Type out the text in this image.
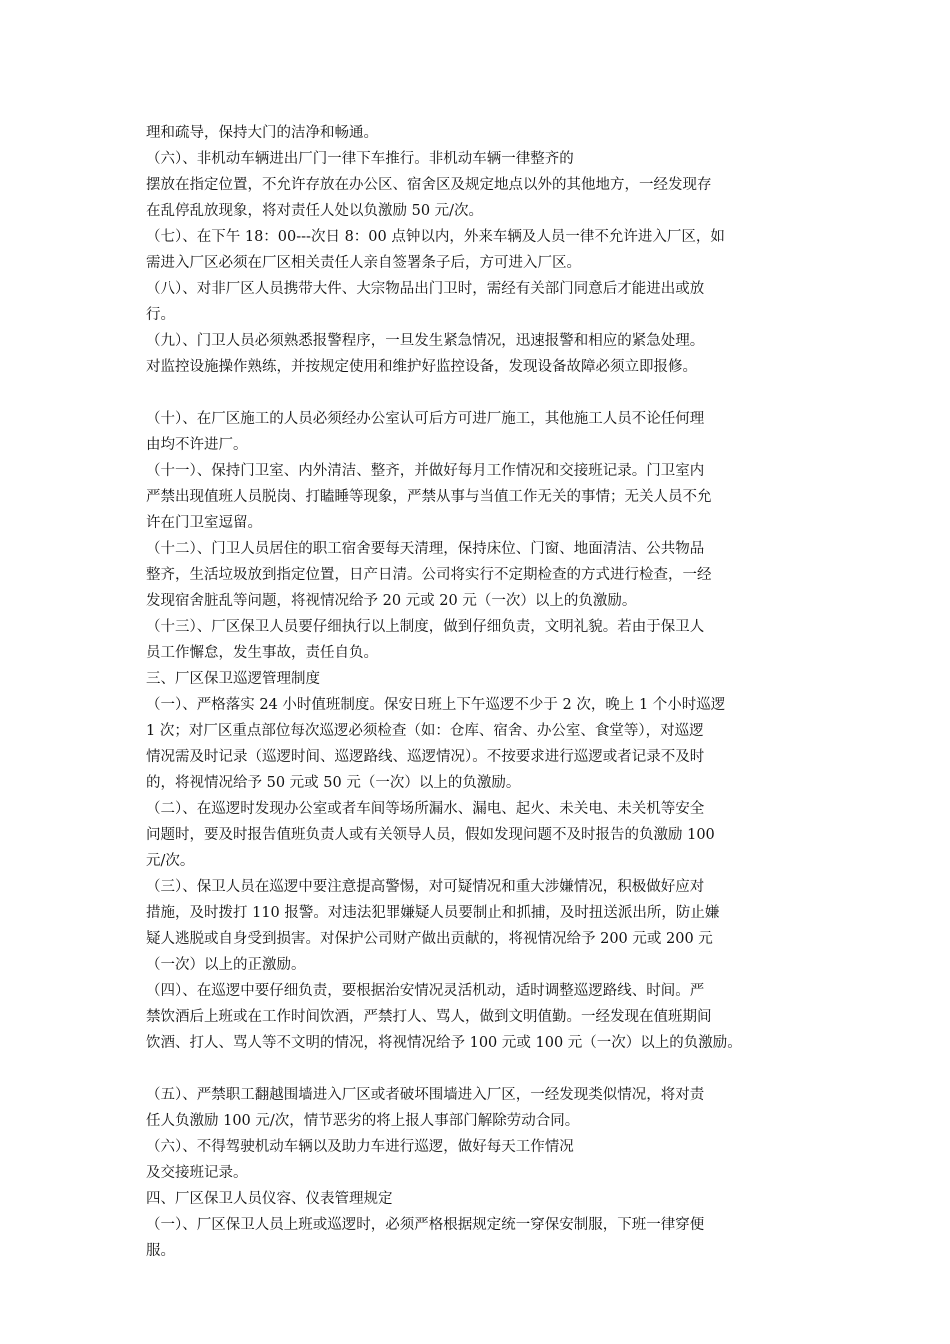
理和疏导，保持大门的洁净和畅通。
（六）、非机动车辆进出厂门一律下车推行。非机动车辆一律整齐的
摆放在指定位置，不允许存放在办公区、宿舍区及规定地点以外的其他地方，一经发现存
在乱停乱放现象，将对责任人处以负激励 50 元/次。
（七）、在下午 18：00---次日 8：00 点钟以内，外来车辆及人员一律不允许进入厂区，如
需进入厂区必须在厂区相关责任人亲自签署条子后，方可进入厂区。
（八）、对非厂区人员携带大件、大宗物品出门卫时，需经有关部门同意后才能进出或放
行。
（九）、门卫人员必须熟悉报警程序，一旦发生紧急情况，迅速报警和相应的紧急处理。
对监控设施操作熟练，并按规定使用和维护好监控设备，发现设备故障必须立即报修。
（十）、在厂区施工的人员必须经办公室认可后方可进厂施工，其他施工人员不论任何理
由均不许进厂。
（十一）、保持门卫室、内外清洁、整齐，并做好每月工作情况和交接班记录。门卫室内
严禁出现值班人员脱岗、打瞌睡等现象，严禁从事与当值工作无关的事情；无关人员不允
许在门卫室逗留。
（十二）、门卫人员居住的职工宿舍要每天清理，保持床位、门窗、地面清洁、公共物品
整齐，生活垃圾放到指定位置，日产日清。公司将实行不定期检查的方式进行检查，一经
发现宿舍脏乱等问题，将视情况给予 20 元或 20 元（一次）以上的负激励。
（十三）、厂区保卫人员要仔细执行以上制度，做到仔细负责，文明礼貌。若由于保卫人
员工作懈怠，发生事故，责任自负。
三、厂区保卫巡逻管理制度
（一）、严格落实 24 小时值班制度。保安日班上下午巡逻不少于 2 次，晚上 1 个小时巡逻
1 次；对厂区重点部位每次巡逻必须检查（如：仓库、宿舍、办公室、食堂等），对巡逻
情况需及时记录（巡逻时间、巡逻路线、巡逻情况）。不按要求进行巡逻或者记录不及时
的，将视情况给予 50 元或 50 元（一次）以上的负激励。
（二）、在巡逻时发现办公室或者车间等场所漏水、漏电、起火、未关电、未关机等安全
问题时，要及时报告值班负责人或有关领导人员，假如发现问题不及时报告的负激励 100
元/次。
（三）、保卫人员在巡逻中要注意提高警惕，对可疑情况和重大涉嫌情况，积极做好应对
措施，及时拨打 110 报警。对违法犯罪嫌疑人员要制止和抓捕，及时扭送派出所，防止嫌
疑人逃脱或自身受到损害。对保护公司财产做出贡献的，将视情况给予 200 元或 200 元
（一次）以上的正激励。
（四）、在巡逻中要仔细负责，要根据治安情况灵活机动，适时调整巡逻路线、时间。严
禁饮酒后上班或在工作时间饮酒，严禁打人、骂人，做到文明值勤。一经发现在值班期间
饮酒、打人、骂人等不文明的情况，将视情况给予 100 元或 100 元（一次）以上的负激励。
（五）、严禁职工翻越围墙进入厂区或者破坏围墙进入厂区，一经发现类似情况，将对责
任人负激励 100 元/次，情节恶劣的将上报人事部门解除劳动合同。
（六）、不得驾驶机动车辆以及助力车进行巡逻，做好每天工作情况
及交接班记录。
四、厂区保卫人员仪容、仪表管理规定
（一）、厂区保卫人员上班或巡逻时，必须严格根据规定统一穿保安制服，下班一律穿便
服。
